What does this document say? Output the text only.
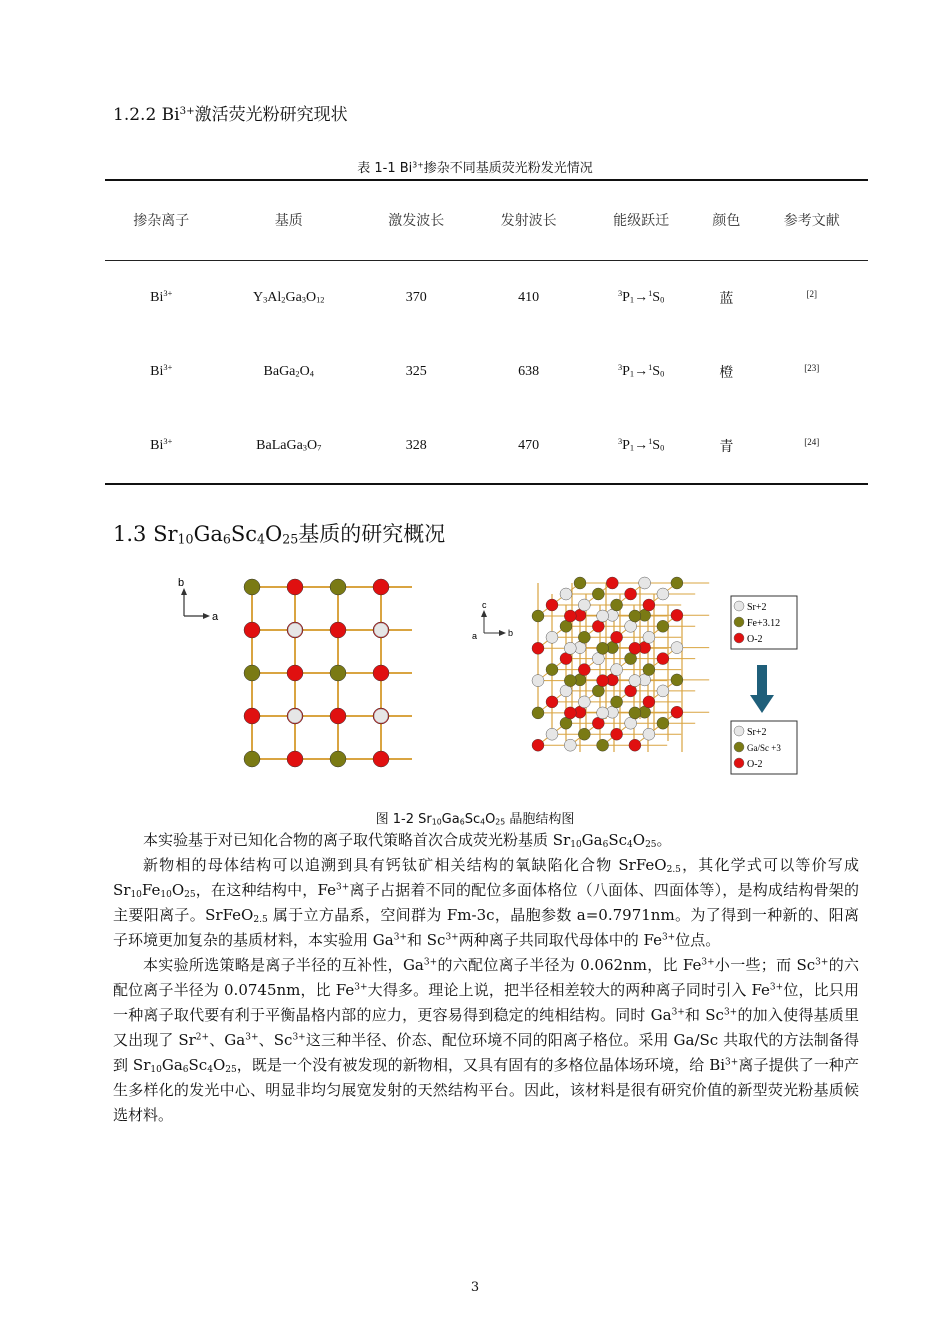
1.2.2 $Bi^{3+}$激活荧光粉研究现状
表 1-1 $Bi^{3+}$掺杂不同基质荧光粉发光情况
掺杂离子	基质	激发波长	发射波长	能级跃迁	颜色	参考文献
$Bi^{3+}$	$Y_3Al_2Ga_3O_{12}$	370	410	$^3P_1\to^1S_0$	蓝	[2]
$Bi^{3+}$	$BaGa_2O_4$	325	638	$^3P_1\to^1S_0$	橙	[23]
$Bi^{3+}$	$BaLaGa_3O_7$	328	470	$^3P_1\to^1S_0$	青	[24]
1.3 $Sr_{10}Ga_6Sc_4O_{25}$基质的研究概况
b
a
c
b
a
Sr+2
Fe+3.12
O-2
Sr+2
Ga/Sc +3
O-2
图 1-2 $Sr_{10}Ga_6Sc_4O_{25}$ 晶胞结构图

本实验基于对已知化合物的离子取代策略首次合成荧光粉基质 $Sr_{10}Ga_6Sc_4O_{25}$。

新物相的母体结构可以追溯到具有钙钛矿相关结构的氧缺陷化合物 SrFeO$_{2.5}$，其化学式可以等价写成 $Sr_{10}Fe_{10}O_{25}$，在这种结构中，$Fe^{3+}$离子占据着不同的配位多面体格位（八面体、四面体等），是构成结构骨架的主要阳离子。SrFeO$_{2.5}$ 属于立方晶系，空间群为 Fm-3c，晶胞参数 a=0.7971nm。为了得到一种新的、阳离子环境更加复杂的基质材料，本实验用 $Ga^{3+}$和 $Sc^{3+}$两种离子共同取代母体中的 $Fe^{3+}$位点。

本实验所选策略是离子半径的互补性，$Ga^{3+}$的六配位离子半径为 0.062nm，比 $Fe^{3+}$小一些；而 $Sc^{3+}$的六配位离子半径为 0.0745nm，比 $Fe^{3+}$大得多。理论上说，把半径相差较大的两种离子同时引入 $Fe^{3+}$位，比只用一种离子取代要有利于平衡晶格内部的应力，更容易得到稳定的纯相结构。同时 $Ga^{3+}$和 $Sc^{3+}$的加入使得基质里又出现了 $Sr^{2+}$、$Ga^{3+}$、$Sc^{3+}$这三种半径、价态、配位环境不同的阳离子格位。采用 Ga/Sc 共取代的方法制备得到 $Sr_{10}Ga_6Sc_4O_{25}$，既是一个没有被发现的新物相，又具有固有的多格位晶体场环境，给 $Bi^{3+}$离子提供了一种产生多样化的发光中心、明显非均匀展宽发射的天然结构平台。因此，该材料是很有研究价值的新型荧光粉基质候选材料。

3
